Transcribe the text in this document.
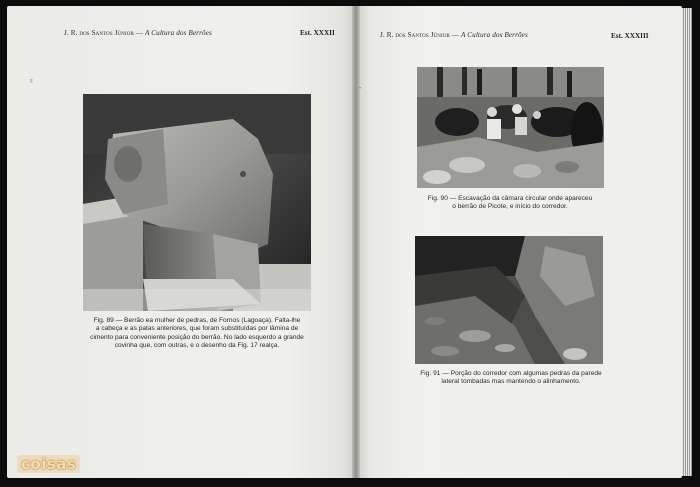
J. R. dos Santos Júnior — A Cultura dos Berrões	Est. XXXII
ᵍ
Fig. 89 — Berrão ea mulher de pedras, de Fornos (Lagoaça). Falta-lhe
a cabeça e as patas anteriores, que foram substituídas por lâmina de
cimento para conveniente posição do berrão. No lado esquerdo a grande
covinha que, com outras, e o desenho da Fig. 17 realça.
J. R. dos Santos Júnior — A Cultura dos Berrões	Est. XXXIII
•
Fig. 90 — Escavação da câmara circular onde apareceu
o berrão de Picote, e início do corredor.
Fig. 91 — Porção do corredor com algumas pedras da parede
lateral tombadas mas mantendo o alinhamento.
coisas
